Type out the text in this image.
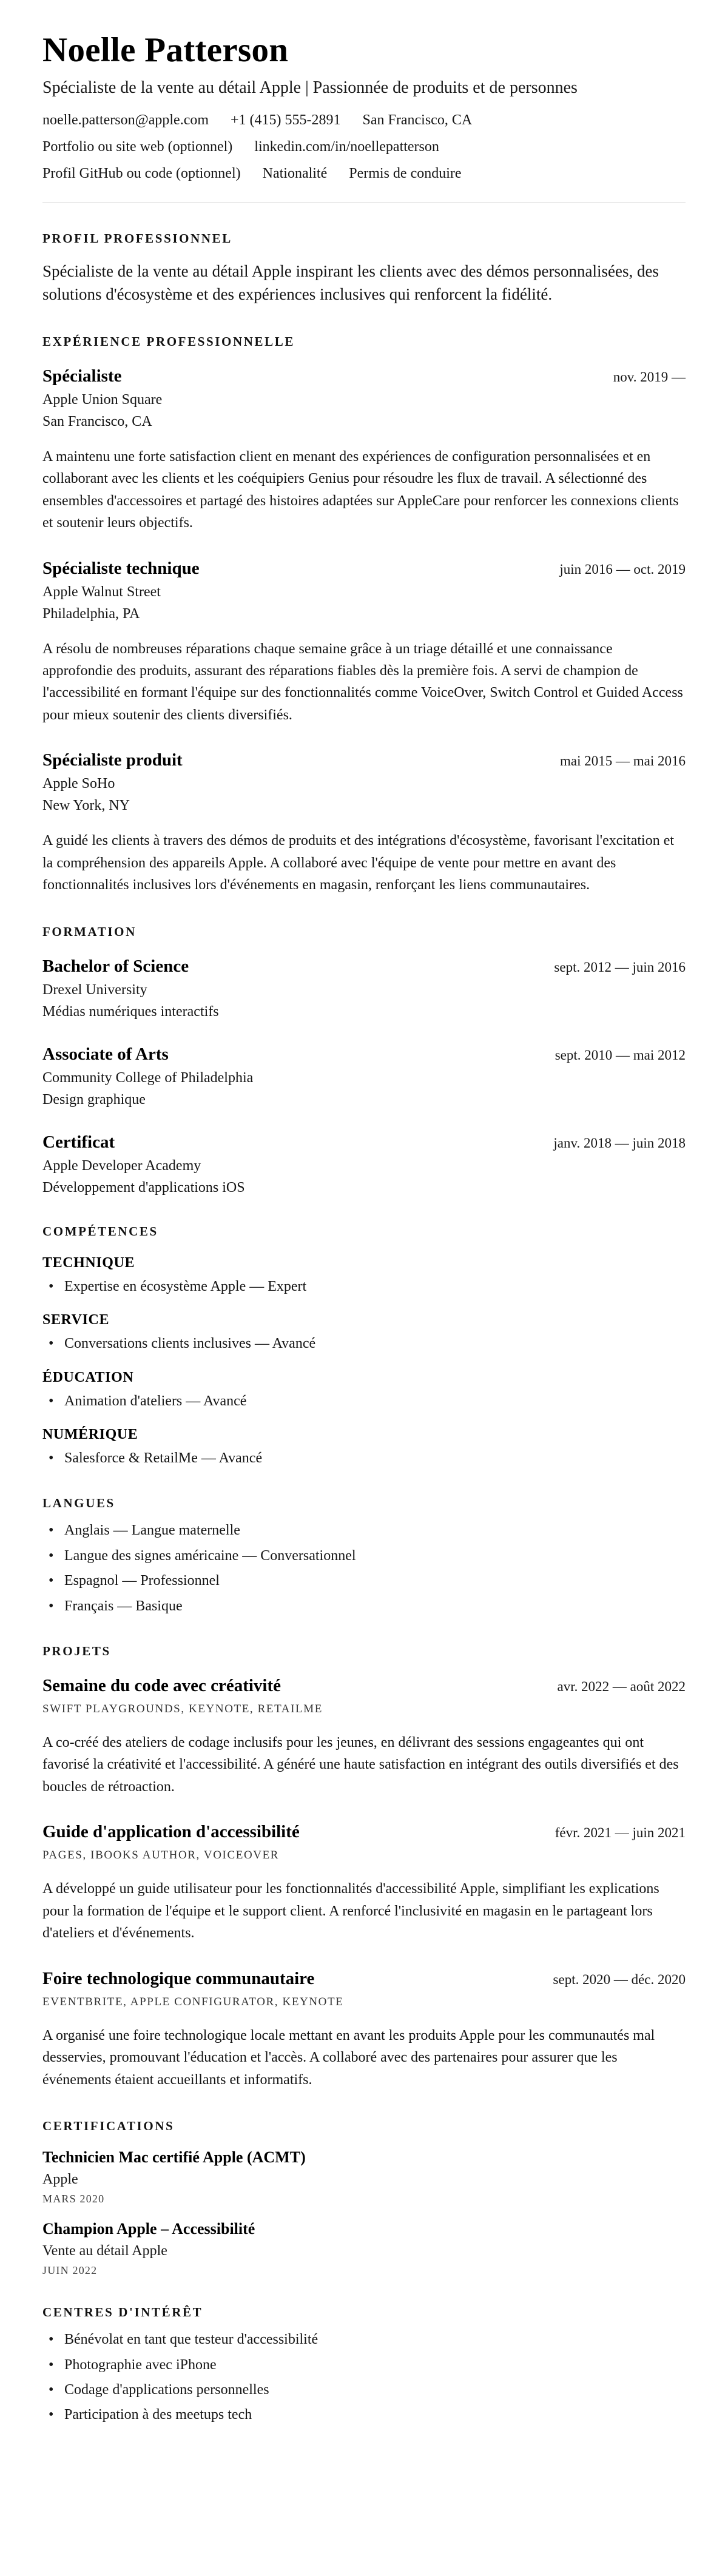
Noelle Patterson
Spécialiste de la vente au détail Apple | Passionnée de produits et de personnes
noelle.patterson@apple.com +1 (415) 555-2891 San Francisco, CA
Portfolio ou site web (optionnel) linkedin.com/in/noellepatterson
Profil GitHub ou code (optionnel) Nationalité Permis de conduire
PROFIL PROFESSIONNEL

Spécialiste de la vente au détail Apple inspirant les clients avec des démos personnalisées, des solutions d'écosystème et des expériences inclusives qui renforcent la fidélité.

EXPÉRIENCE PROFESSIONNELLE
Spécialiste	nov. 2019 —
Apple Union Square
San Francisco, CA

A maintenu une forte satisfaction client en menant des expériences de configuration personnalisées et en collaborant avec les clients et les coéquipiers Genius pour résoudre les flux de travail. A sélectionné des ensembles d'accessoires et partagé des histoires adaptées sur AppleCare pour renforcer les connexions clients et soutenir leurs objectifs.

Spécialiste technique	juin 2016 — oct. 2019
Apple Walnut Street
Philadelphia, PA

A résolu de nombreuses réparations chaque semaine grâce à un triage détaillé et une connaissance approfondie des produits, assurant des réparations fiables dès la première fois. A servi de champion de l'accessibilité en formant l'équipe sur des fonctionnalités comme VoiceOver, Switch Control et Guided Access pour mieux soutenir des clients diversifiés.

Spécialiste produit	mai 2015 — mai 2016
Apple SoHo
New York, NY

A guidé les clients à travers des démos de produits et des intégrations d'écosystème, favorisant l'excitation et la compréhension des appareils Apple. A collaboré avec l'équipe de vente pour mettre en avant des fonctionnalités inclusives lors d'événements en magasin, renforçant les liens communautaires.

FORMATION
Bachelor of Science	sept. 2012 — juin 2016
Drexel University
Médias numériques interactifs
Associate of Arts	sept. 2010 — mai 2012
Community College of Philadelphia
Design graphique
Certificat	janv. 2018 — juin 2018
Apple Developer Academy
Développement d'applications iOS
COMPÉTENCES
TECHNIQUE
• Expertise en écosystème Apple — Expert
SERVICE
• Conversations clients inclusives — Avancé
ÉDUCATION
• Animation d'ateliers — Avancé
NUMÉRIQUE
• Salesforce & RetailMe — Avancé
LANGUES
• Anglais — Langue maternelle
• Langue des signes américaine — Conversationnel
• Espagnol — Professionnel
• Français — Basique
PROJETS
Semaine du code avec créativité	avr. 2022 — août 2022
SWIFT PLAYGROUNDS, KEYNOTE, RETAILME

A co-créé des ateliers de codage inclusifs pour les jeunes, en délivrant des sessions engageantes qui ont favorisé la créativité et l'accessibilité. A généré une haute satisfaction en intégrant des outils diversifiés et des boucles de rétroaction.

Guide d'application d'accessibilité	févr. 2021 — juin 2021
PAGES, IBOOKS AUTHOR, VOICEOVER

A développé un guide utilisateur pour les fonctionnalités d'accessibilité Apple, simplifiant les explications pour la formation de l'équipe et le support client. A renforcé l'inclusivité en magasin en le partageant lors d'ateliers et d'événements.

Foire technologique communautaire	sept. 2020 — déc. 2020
EVENTBRITE, APPLE CONFIGURATOR, KEYNOTE

A organisé une foire technologique locale mettant en avant les produits Apple pour les communautés mal desservies, promouvant l'éducation et l'accès. A collaboré avec des partenaires pour assurer que les événements étaient accueillants et informatifs.

CERTIFICATIONS
Technicien Mac certifié Apple (ACMT)
Apple
MARS 2020
Champion Apple – Accessibilité
Vente au détail Apple
JUIN 2022
CENTRES D'INTÉRÊT
• Bénévolat en tant que testeur d'accessibilité
• Photographie avec iPhone
• Codage d'applications personnelles
• Participation à des meetups tech
